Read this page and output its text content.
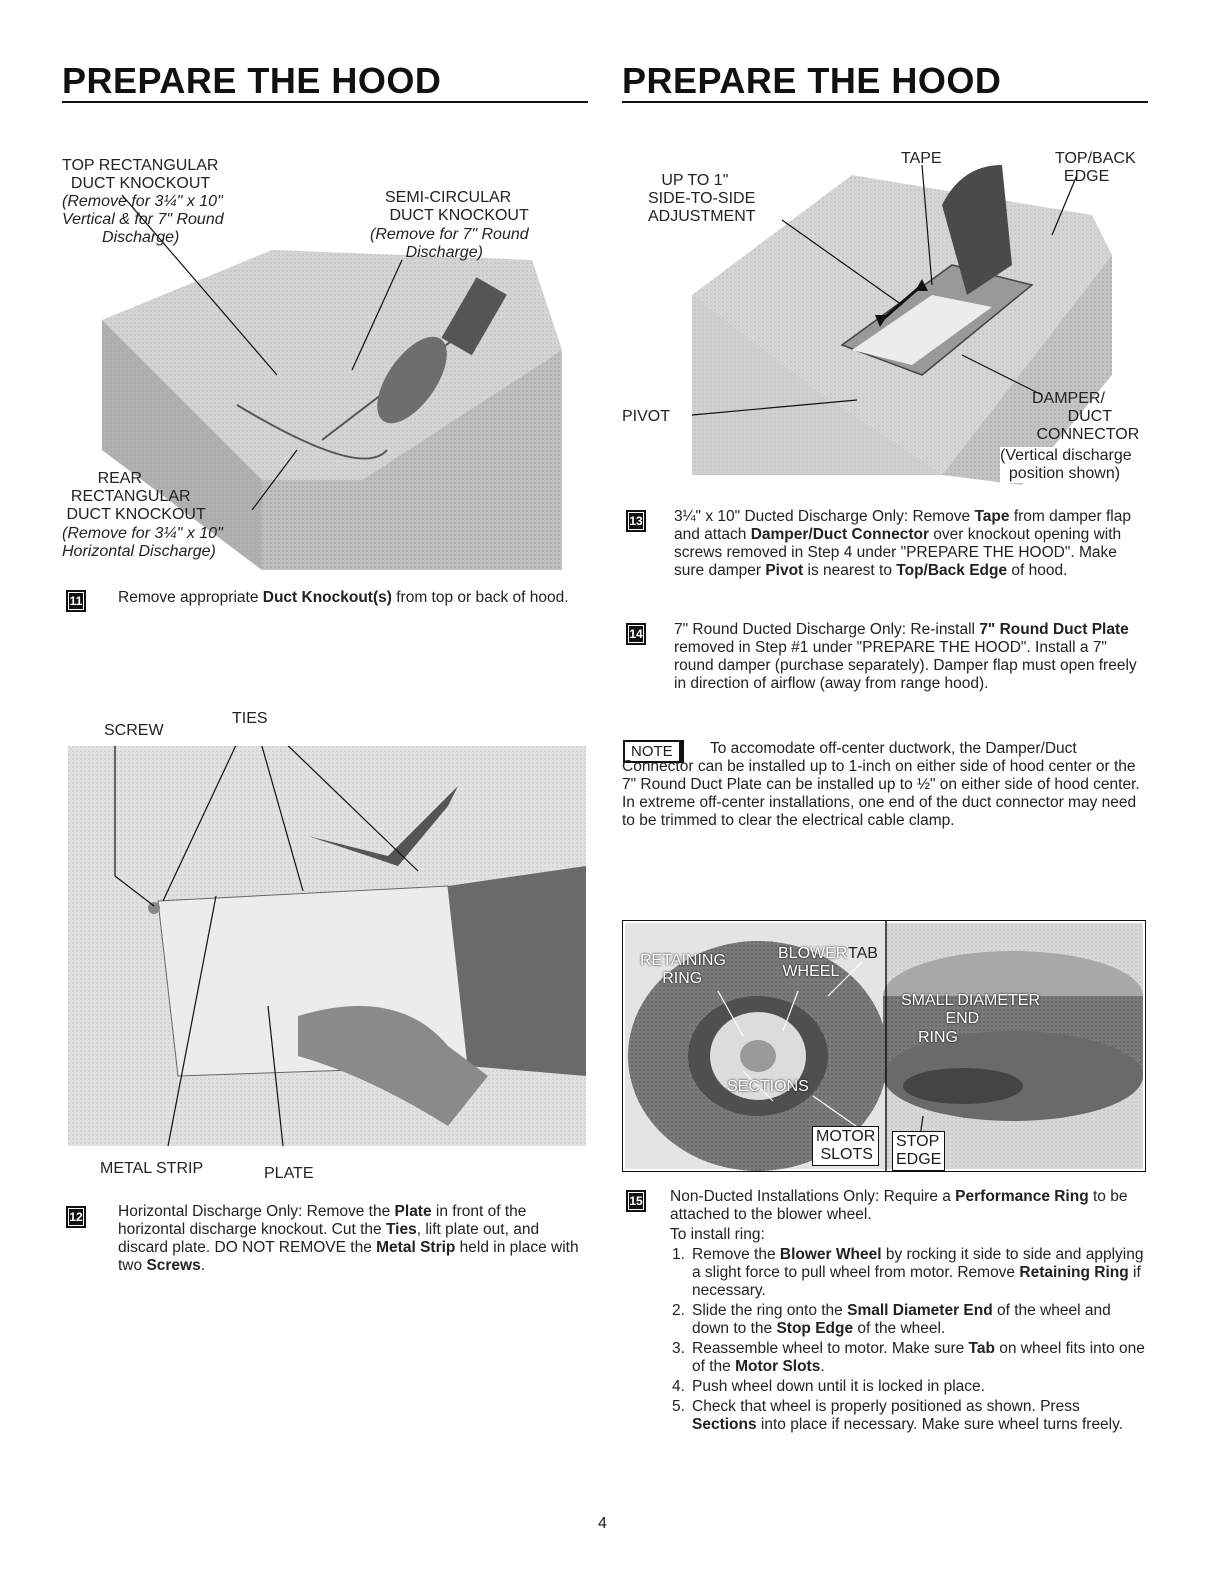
PREPARE THE HOOD
TOP RECTANGULAR
DUCT KNOCKOUT
(Remove for 3¼" x 10"
Vertical & for 7" Round
Discharge)
SEMI-CIRCULAR
DUCT KNOCKOUT
(Remove for 7" Round
Discharge)
REAR
RECTANGULAR
DUCT KNOCKOUT
(Remove for 3¼" x 10"
Horizontal Discharge)
11 Remove appropriate Duct Knockout(s) from top or back of hood.
SCREW
TIES
METAL STRIP	PLATE
12 Horizontal Discharge Only: Remove the Plate in front of the horizontal discharge knockout. Cut the Ties, lift plate out, and discard plate. DO NOT REMOVE the Metal Strip held in place with two Screws.
PREPARE THE HOOD
TAPE	TOP/BACK
EDGE
UP TO 1"
SIDE-TO-SIDE
ADJUSTMENT
PIVOT
DAMPER/
DUCT
CONNECTOR
(Vertical discharge
position shown)
13 3¼" x 10" Ducted Discharge Only: Remove Tape from damper flap and attach Damper/Duct Connector over knockout opening with screws removed in Step 4 under "PREPARE THE HOOD". Make sure damper Pivot is nearest to Top/Back Edge of hood.
14 7" Round Ducted Discharge Only: Re-install 7" Round Duct Plate removed in Step #1 under "PREPARE THE HOOD". Install a 7" round damper (purchase separately). Damper flap must open freely in direction of airflow (away from range hood).
NOTE	To accomodate off-center ductwork, the Damper/Duct Connector can be installed up to 1-inch on either side of hood center or the 7" Round Duct Plate can be installed up to ½" on either side of hood center. In extreme off-center installations, one end of the duct connector may need to be trimmed to clear the electrical cable clamp.
RETAINING
RING
BLOWER
WHEEL
TAB
SECTIONS
MOTOR
SLOTS
SMALL DIAMETER
END
RING
STOP
EDGE
15 Non-Ducted Installations Only: Require a Performance Ring to be attached to the blower wheel.
To install ring:
1. Remove the Blower Wheel by rocking it side to side and applying a slight force to pull wheel from motor. Remove Retaining Ring if necessary.
2. Slide the ring onto the Small Diameter End of the wheel and down to the Stop Edge of the wheel.
3. Reassemble wheel to motor. Make sure Tab on wheel fits into one of the Motor Slots.
4. Push wheel down until it is locked in place.
5. Check that wheel is properly positioned as shown. Press Sections into place if necessary. Make sure wheel turns freely.
4
